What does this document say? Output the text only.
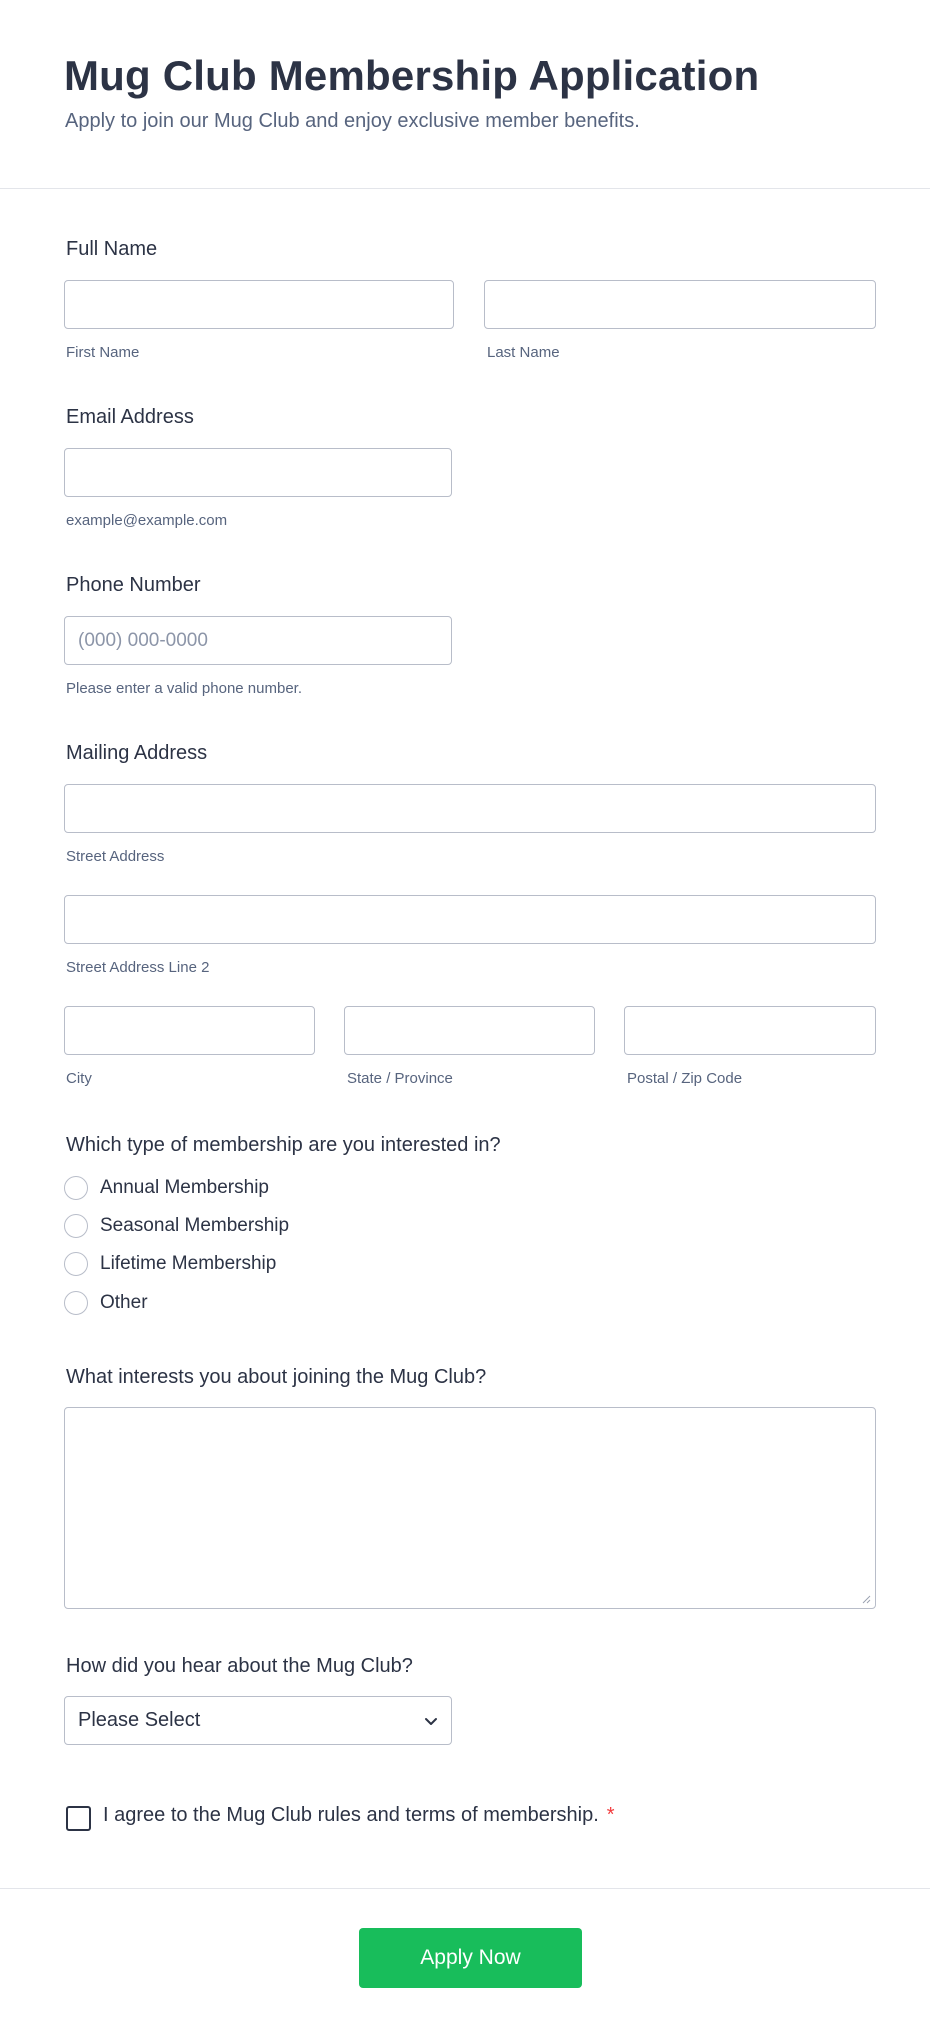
Mug Club Membership Application
Apply to join our Mug Club and enjoy exclusive member benefits.
Full Name
First Name	Last Name
Email Address
example@example.com
Phone Number
(000) 000-0000
Please enter a valid phone number.
Mailing Address
Street Address
Street Address Line 2
City	State / Province	Postal / Zip Code
Which type of membership are you interested in?
Annual Membership
Seasonal Membership
Lifetime Membership
Other
What interests you about joining the Mug Club?
How did you hear about the Mug Club?
Please Select
I agree to the Mug Club rules and terms of membership. *
Apply Now
